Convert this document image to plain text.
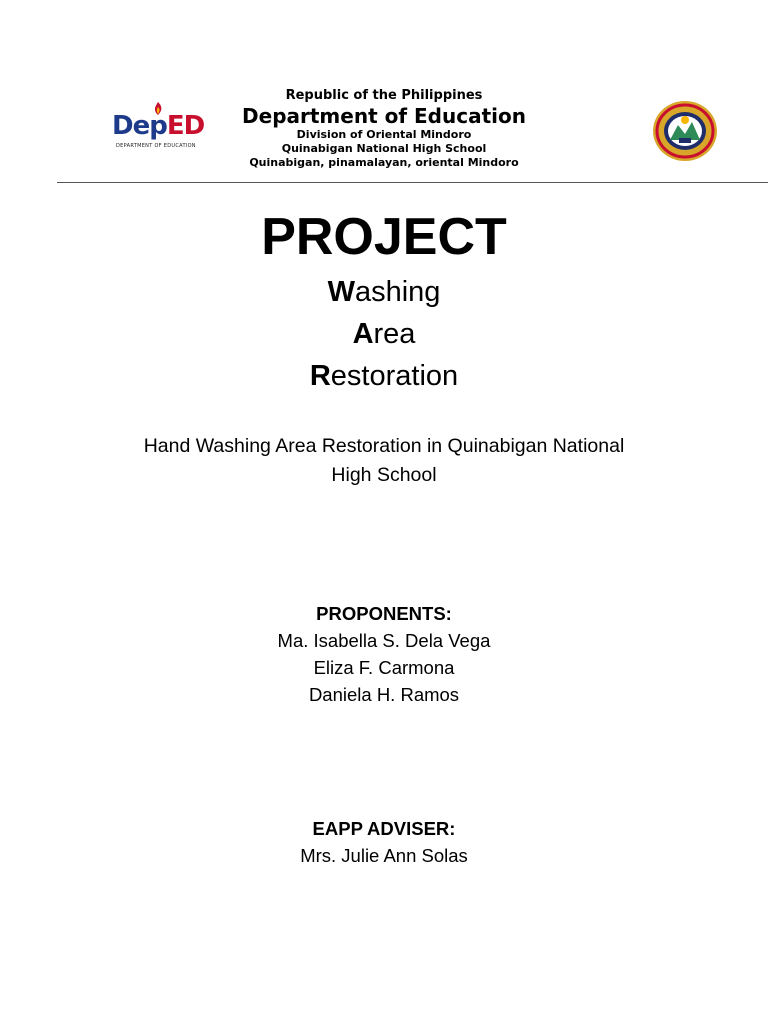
DepED
DEPARTMENT OF EDUCATION
Republic of the Philippines
Department of Education
Division of Oriental Mindoro
Quinabigan National High School
Quinabigan, pinamalayan, oriental Mindoro
PROJECT
Washing
Area
Restoration
Hand Washing Area Restoration in Quinabigan National
High School
PROPONENTS:
Ma. Isabella S. Dela Vega
Eliza F. Carmona
Daniela H. Ramos
EAPP ADVISER:
Mrs. Julie Ann Solas
